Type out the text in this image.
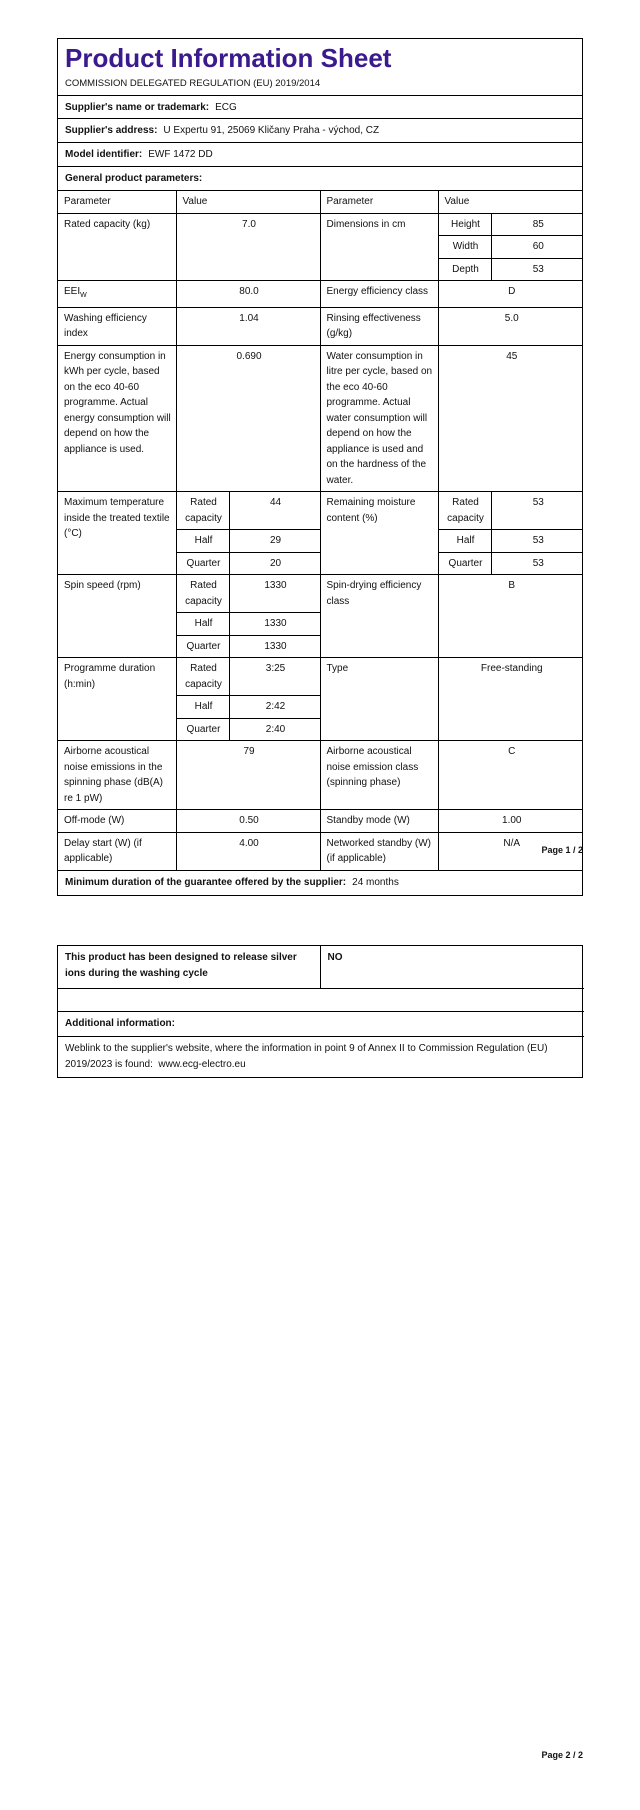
Product Information Sheet
COMMISSION DELEGATED REGULATION (EU) 2019/2014
Supplier's name or trademark: ECG
Supplier's address: U Expertu 91, 25069 Kličany Praha - východ, CZ
Model identifier: EWF 1472 DD
General product parameters:
Parameter	Value		Parameter	Value	
Rated capacity (kg)	7.0		Dimensions in cm	Height	85
				Width	60
				Depth	53
$EEI_W$	80.0		Energy efficiency class	D	
Washing efficiency index	1.04		Rinsing effectiveness (g/kg)	5.0	
Energy consumption in kWh per cycle, based on the eco 40-60 programme. Actual energy consumption will depend on how the appliance is used.	0.690		Water consumption in litre per cycle, based on the eco 40-60 programme. Actual water consumption will depend on how the appliance is used and on the hardness of the water.	45	
Maximum temperature inside the treated textile (°C)	Rated capacity	44	Remaining moisture content (%)	Rated capacity	53
	Half	29		Half	53
	Quarter	20		Quarter	53
Spin speed (rpm)	Rated capacity	1330	Spin-drying efficiency class	B	
	Half	1330			
	Quarter	1330			
Programme duration (h:min)	Rated capacity	3:25	Type	Free-standing	
	Half	2:42			
	Quarter	2:40			
Airborne acoustical noise emissions in the spinning phase (dB(A) re 1 pW)	79		Airborne acoustical noise emission class (spinning phase)	C	
Off-mode (W)	0.50		Standby mode (W)	1.00	
Delay start (W) (if applicable)	4.00		Networked standby (W) (if applicable)	N/A	
Minimum duration of the guarantee offered by the supplier: 24 months
Page 1 / 2
This product has been designed to release silver ions during the washing cycle	NO

Additional information:
Weblink to the supplier's website, where the information in point 9 of Annex II to Commission Regulation (EU) 2019/2023 is found: www.ecg-electro.eu
Page 2 / 2
